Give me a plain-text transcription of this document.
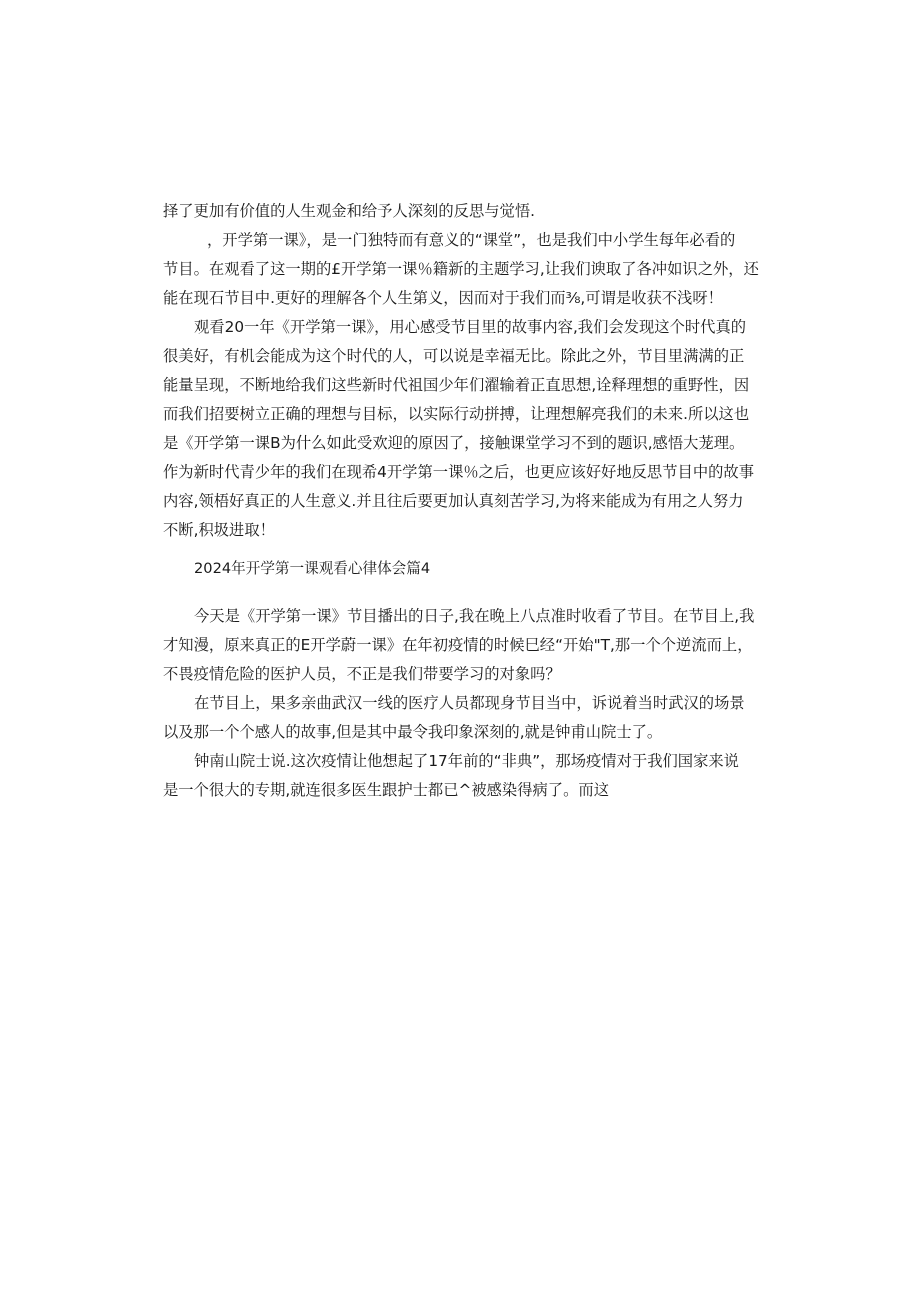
择了更加有价值的人生观金和给予人深刻的反思与觉悟.
，开学第一课》，是一门独特而有意义的“课堂”，也是我们中小学生每年必看的
节目。在观看了这一期的£开学第一课％籍新的主题学习,让我们谀取了各冲如识之外，还
能在现石节目中.更好的理解各个人生第义，因而对于我们而⅜,可谓是收获不浅呀！
观看20一年《开学第一课》，用心感受节目里的故事内容,我们会发现这个时代真的
很美好，有机会能成为这个时代的人，可以说是幸福无比。除此之外，节目里满满的正
能量呈现，不断地给我们这些新时代祖国少年们濯输着正直思想,诠释理想的重野性，因
而我们招要树立正确的理想与目标，以实际行动拼搏，让理想解亮我们的未来.所以这也
是《开学第一课B为什么如此受欢迎的原因了，接触课堂学习不到的题识,感悟大茏理。
作为新时代青少年的我们在现希4开学第一课％之后，也更应该好好地反思节目中的故事
内容,领梧好真正的人生意义.并且往后要更加认真刻苦学习,为将来能成为有用之人努力
不断,积圾进取！
2024年开学第一课观看心律体会篇4
今天是《开学第一课》节目播出的日子,我在晚上八点准时收看了节目。在节目上,我
才知漫，原来真正的E开学蔚一课》在年初疫情的时候巳经“开始"T,那一个个逆流而上，
不畏疫情危险的医护人员，不正是我们带要学习的对象吗？
在节目上，果多亲曲武汉一线的医疗人员都现身节目当中，诉说着当时武汉的场景
以及那一个个感人的故事,但是其中最令我印象深刻的,就是钟甫山院士了。
钟南山院士说.这次疫情让他想起了17年前的“非典”，那场疫情对于我们国家来说
是一个很大的专期,就连很多医生跟护士都已^被感染得病了。而这
